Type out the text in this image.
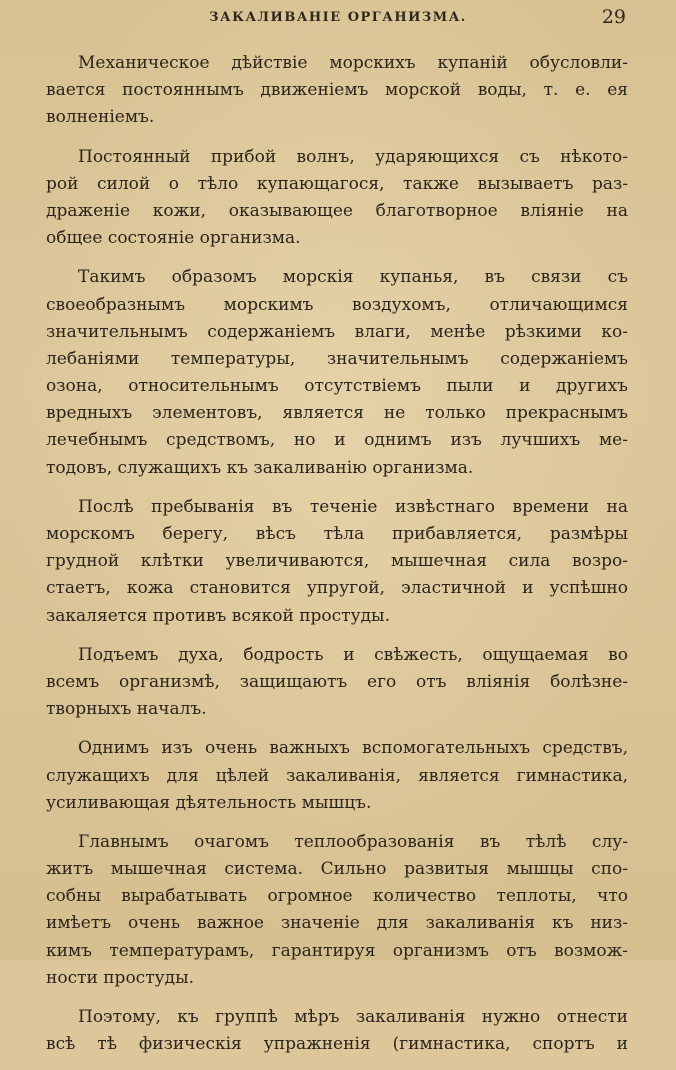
ЗАКАЛИВАНІЕ ОРГАНИЗМА.	29
Механическое дѣйствіе морскихъ купаній обусловли-
вается постояннымъ движеніемъ морской воды, т. е. ея
волненіемъ.
Постоянный прибой волнъ, ударяющихся съ нѣкото-
рой силой о тѣло купающагося, также вызываетъ раз-
драженіе кожи, оказывающее благотворное вліяніе на
общее состояніе организма.
Такимъ образомъ морскія купанья, въ связи съ
своеобразнымъ морскимъ воздухомъ, отличающимся
значительнымъ содержаніемъ влаги, менѣе рѣзкими ко-
лебаніями температуры, значительнымъ содержаніемъ
озона, относительнымъ отсутствіемъ пыли и другихъ
вредныхъ элементовъ, является не только прекраснымъ
лечебнымъ средствомъ, но и однимъ изъ лучшихъ ме-
тодовъ, служащихъ къ закаливанію организма.
Послѣ пребыванія въ теченіе извѣстнаго времени на
морскомъ берегу, вѣсъ тѣла прибавляется, размѣры
грудной клѣтки увеличиваются, мышечная сила возро-
стаетъ, кожа становится упругой, эластичной и успѣшно
закаляется противъ всякой простуды.
Подъемъ духа, бодрость и свѣжесть, ощущаемая во
всемъ организмѣ, защищаютъ его отъ вліянія болѣзне-
творныхъ началъ.
Однимъ изъ очень важныхъ вспомогательныхъ средствъ,
служащихъ для цѣлей закаливанія, является гимнастика,
усиливающая дѣятельность мышцъ.
Главнымъ очагомъ теплообразованія въ тѣлѣ слу-
житъ мышечная система. Сильно развитыя мышцы спо-
собны вырабатывать огромное количество теплоты, что
имѣетъ очень важное значеніе для закаливанія къ низ-
кимъ температурамъ, гарантируя организмъ отъ возмож-
ности простуды.
Поэтому, къ группѣ мѣръ закаливанія нужно отнести
всѣ тѣ физическія упражненія (гимнастика, спортъ и
